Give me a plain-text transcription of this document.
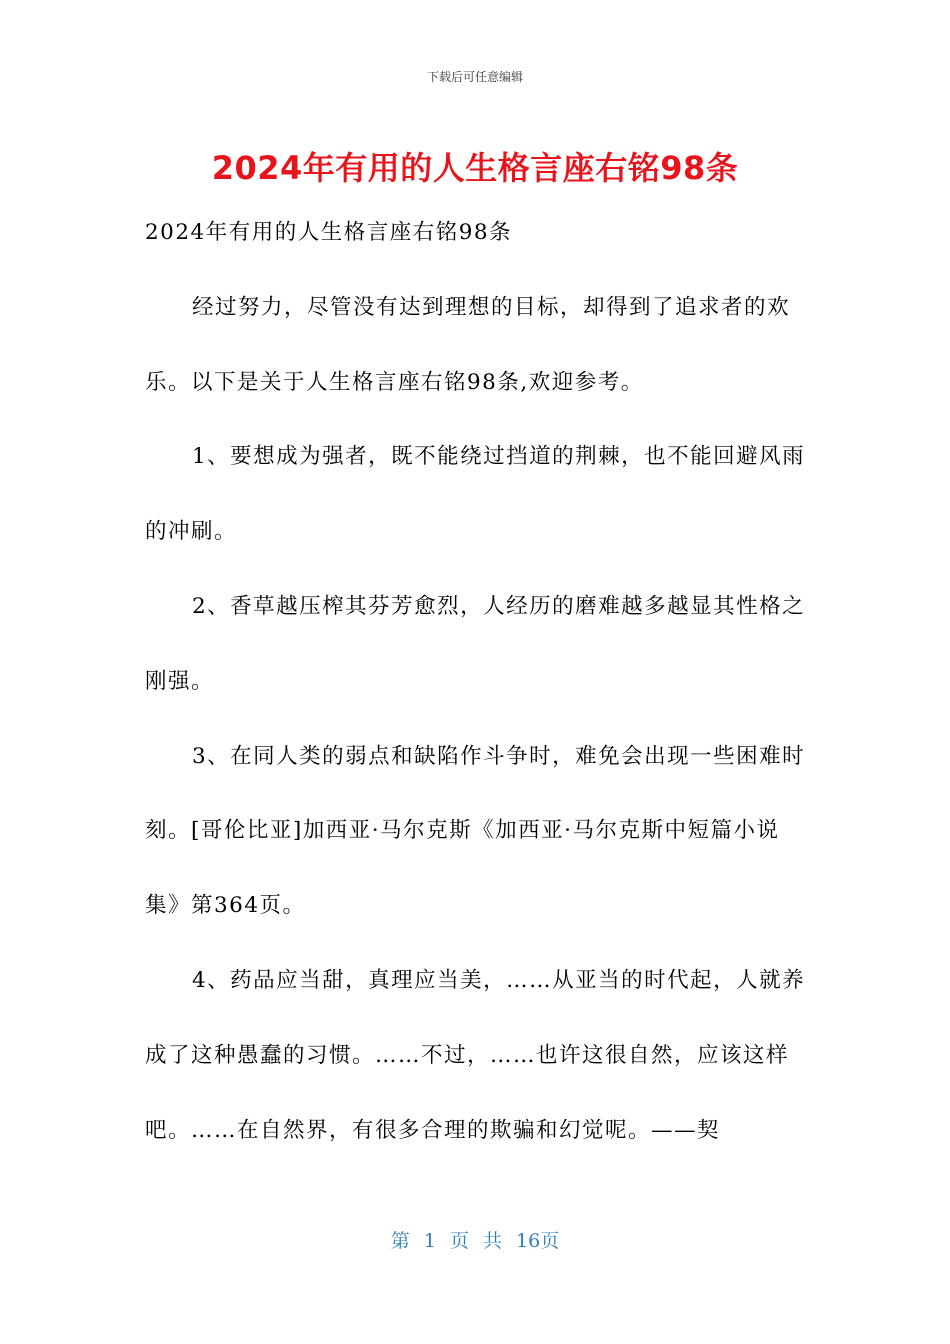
下载后可任意编辑
2024年有用的人生格言座右铭98条

2024年有用的人生格言座右铭98条

经过努力，尽管没有达到理想的目标，却得到了追求者的欢乐。以下是关于人生格言座右铭98条,欢迎参考。

1、要想成为强者，既不能绕过挡道的荆棘，也不能回避风雨的冲刷。

2、香草越压榨其芬芳愈烈，人经历的磨难越多越显其性格之刚强。

3、在同人类的弱点和缺陷作斗争时，难免会出现一些困难时刻。[哥伦比亚]加西亚·马尔克斯《加西亚·马尔克斯中短篇小说集》第364页。

4、药品应当甜，真理应当美，……从亚当的时代起，人就养成了这种愚蠢的习惯。……不过，……也许这很自然，应该这样吧。……在自然界，有很多合理的欺骗和幻觉呢。——契

第 1 页 共 16页
